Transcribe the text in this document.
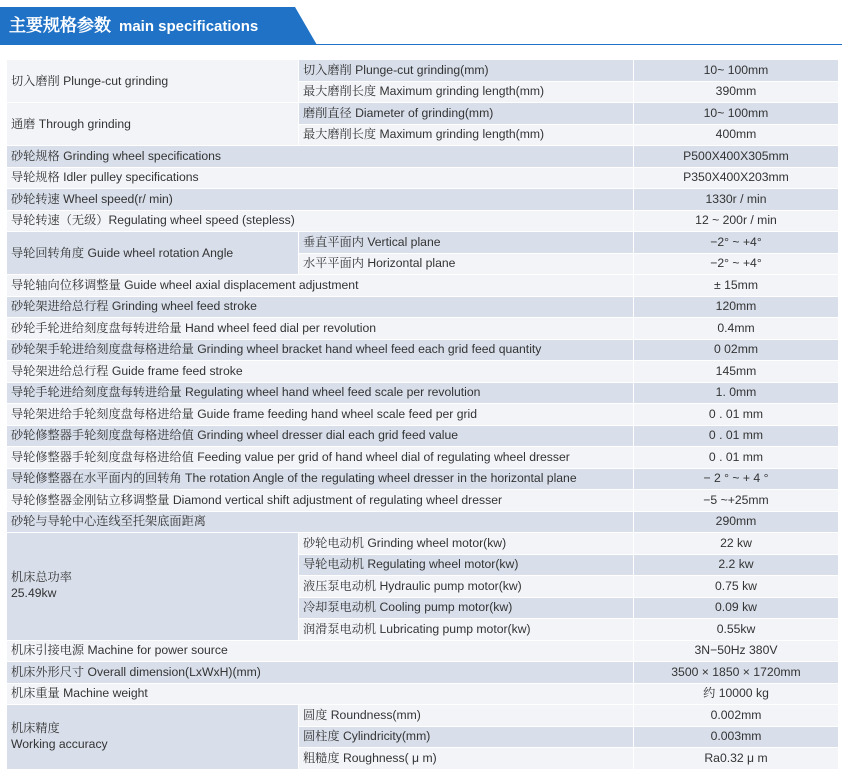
主要规格参数 main specifications
切入磨削 Plunge-cut grinding	切入磨削 Plunge-cut grinding(mm)	10~ 100mm
	最大磨削长度 Maximum grinding length(mm)	390mm
通磨 Through grinding	磨削直径 Diameter of grinding(mm)	10~ 100mm
	最大磨削长度 Maximum grinding length(mm)	400mm
砂轮规格 Grinding wheel specifications		P500X400X305mm
导轮规格 Idler pulley specifications		P350X400X203mm
砂轮转速 Wheel speed(r/ min)		1330r / min
导轮转速（无级）Regulating wheel speed (stepless)		12 ~ 200r / min
导轮回转角度 Guide wheel rotation Angle	垂直平面内 Vertical plane	−2° ~ +4°
	水平平面内 Horizontal plane	−2° ~ +4°
导轮轴向位移调整量 Guide wheel axial displacement adjustment		± 15mm
砂轮架进给总行程 Grinding wheel feed stroke		120mm
砂轮手轮进给刻度盘每转进给量 Hand wheel feed dial per revolution		0.4mm
砂轮架手轮进给刻度盘每格进给量 Grinding wheel bracket hand wheel feed each grid feed quantity		0 02mm
导轮架进给总行程 Guide frame feed stroke		145mm
导轮手轮进给刻度盘每转进给量 Regulating wheel hand wheel feed scale per revolution		1. 0mm
导轮架进给手轮刻度盘每格进给量 Guide frame feeding hand wheel scale feed per grid		0 . 01 mm
砂轮修整器手轮刻度盘每格进给值 Grinding wheel dresser dial each grid feed value		0 . 01 mm
导轮修整器手轮刻度盘每格进给值 Feeding value per grid of hand wheel dial of regulating wheel dresser		0 . 01 mm
导轮修整器在水平面内的回转角 The rotation Angle of the regulating wheel dresser in the horizontal plane		− 2 ° ~ + 4 °
导轮修整器金刚钻立移调整量 Diamond vertical shift adjustment of regulating wheel dresser		−5 ~+25mm
砂轮与导轮中心连线至托架底面距离		290mm
机床总功率
25.49kw	砂轮电动机 Grinding wheel motor(kw)	22 kw
	导轮电动机 Regulating wheel motor(kw)	2.2 kw
	液压泵电动机 Hydraulic pump motor(kw)	0.75 kw
	冷却泵电动机 Cooling pump motor(kw)	0.09 kw
	润滑泵电动机 Lubricating pump motor(kw)	0.55kw
机床引接电源 Machine for power source		3N−50Hz 380V
机床外形尺寸 Overall dimension(LxWxH)(mm)		3500 × 1850 × 1720mm
机床重量 Machine weight		约 10000 kg
机床精度
Working accuracy	圆度 Roundness(mm)	0.002mm
	圆柱度 Cylindricity(mm)	0.003mm
	粗糙度 Roughness( μ m)	Ra0.32 μ m
